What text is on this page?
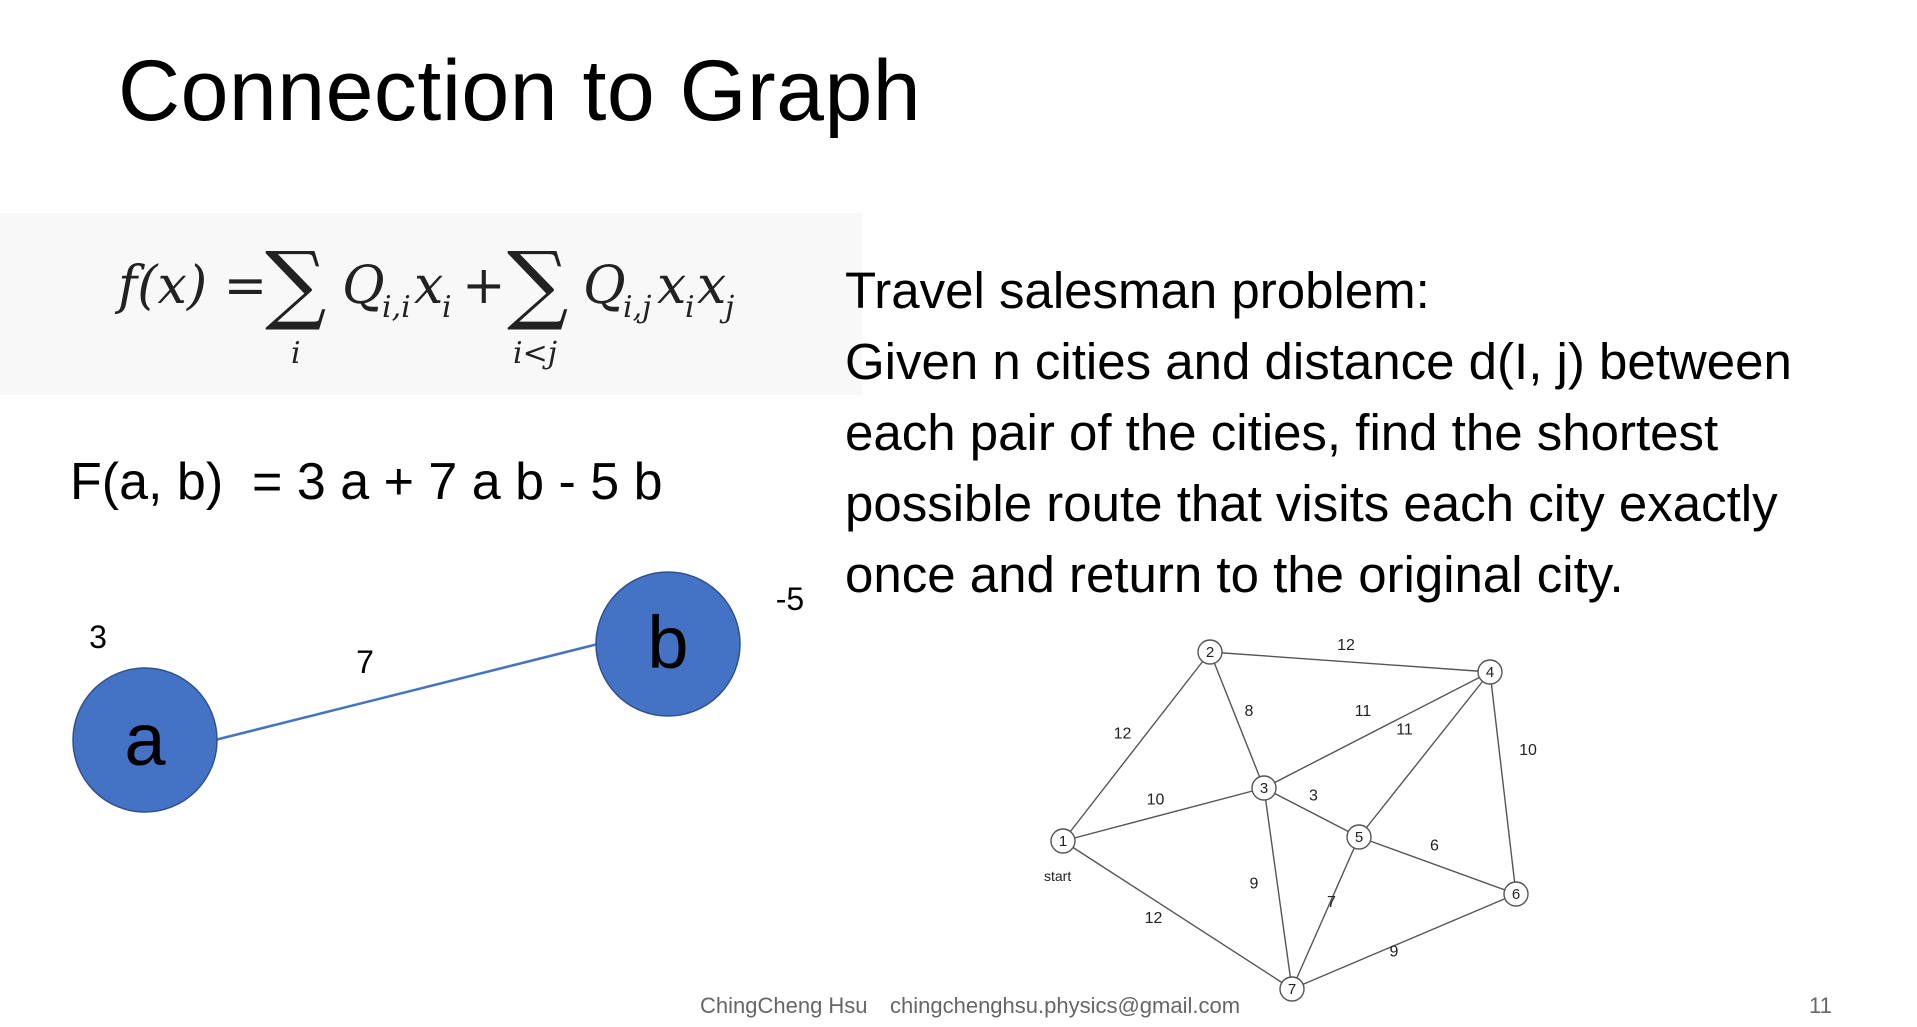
Connection to Graph
f(x) =
∑
i
Q
i,i x
i + ∑
i<j
Q
i,j x
i x
j
F(a, b)  = 3 a + 7 a b - 5 b
Travel salesman problem:
Given n cities and distance d(I, j) between
each pair of the cities, find the shortest
possible route that visits each city exactly
once and return to the original city.
a
b
3
-5
7
12
10
12
8
12
11
3
9
11
10
6
7
9
1
2
3
4
5
6
7
start
ChingCheng Hsu chingchenghsu.physics@gmail.com	11
